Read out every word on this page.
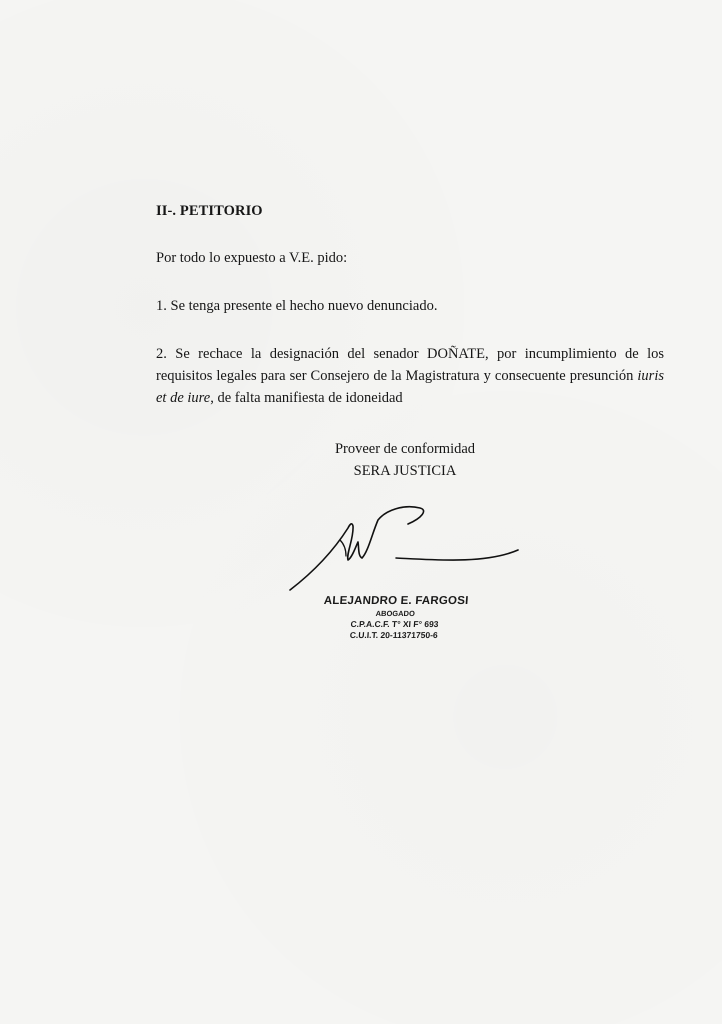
II-. PETITORIO
Por todo lo expuesto a V.E. pido:
1. Se tenga presente el hecho nuevo denunciado.
2. Se rechace la designación del senador DOÑATE, por incumplimiento de los requisitos legales para ser Consejero de la Magistratura y consecuente presunción iuris et de iure, de falta manifiesta de idoneidad
Proveer de conformidad
SERA JUSTICIA
ALEJANDRO E. FARGOSI
ABOGADO
C.P.A.C.F. T° XI F° 693
C.U.I.T. 20-11371750-6
